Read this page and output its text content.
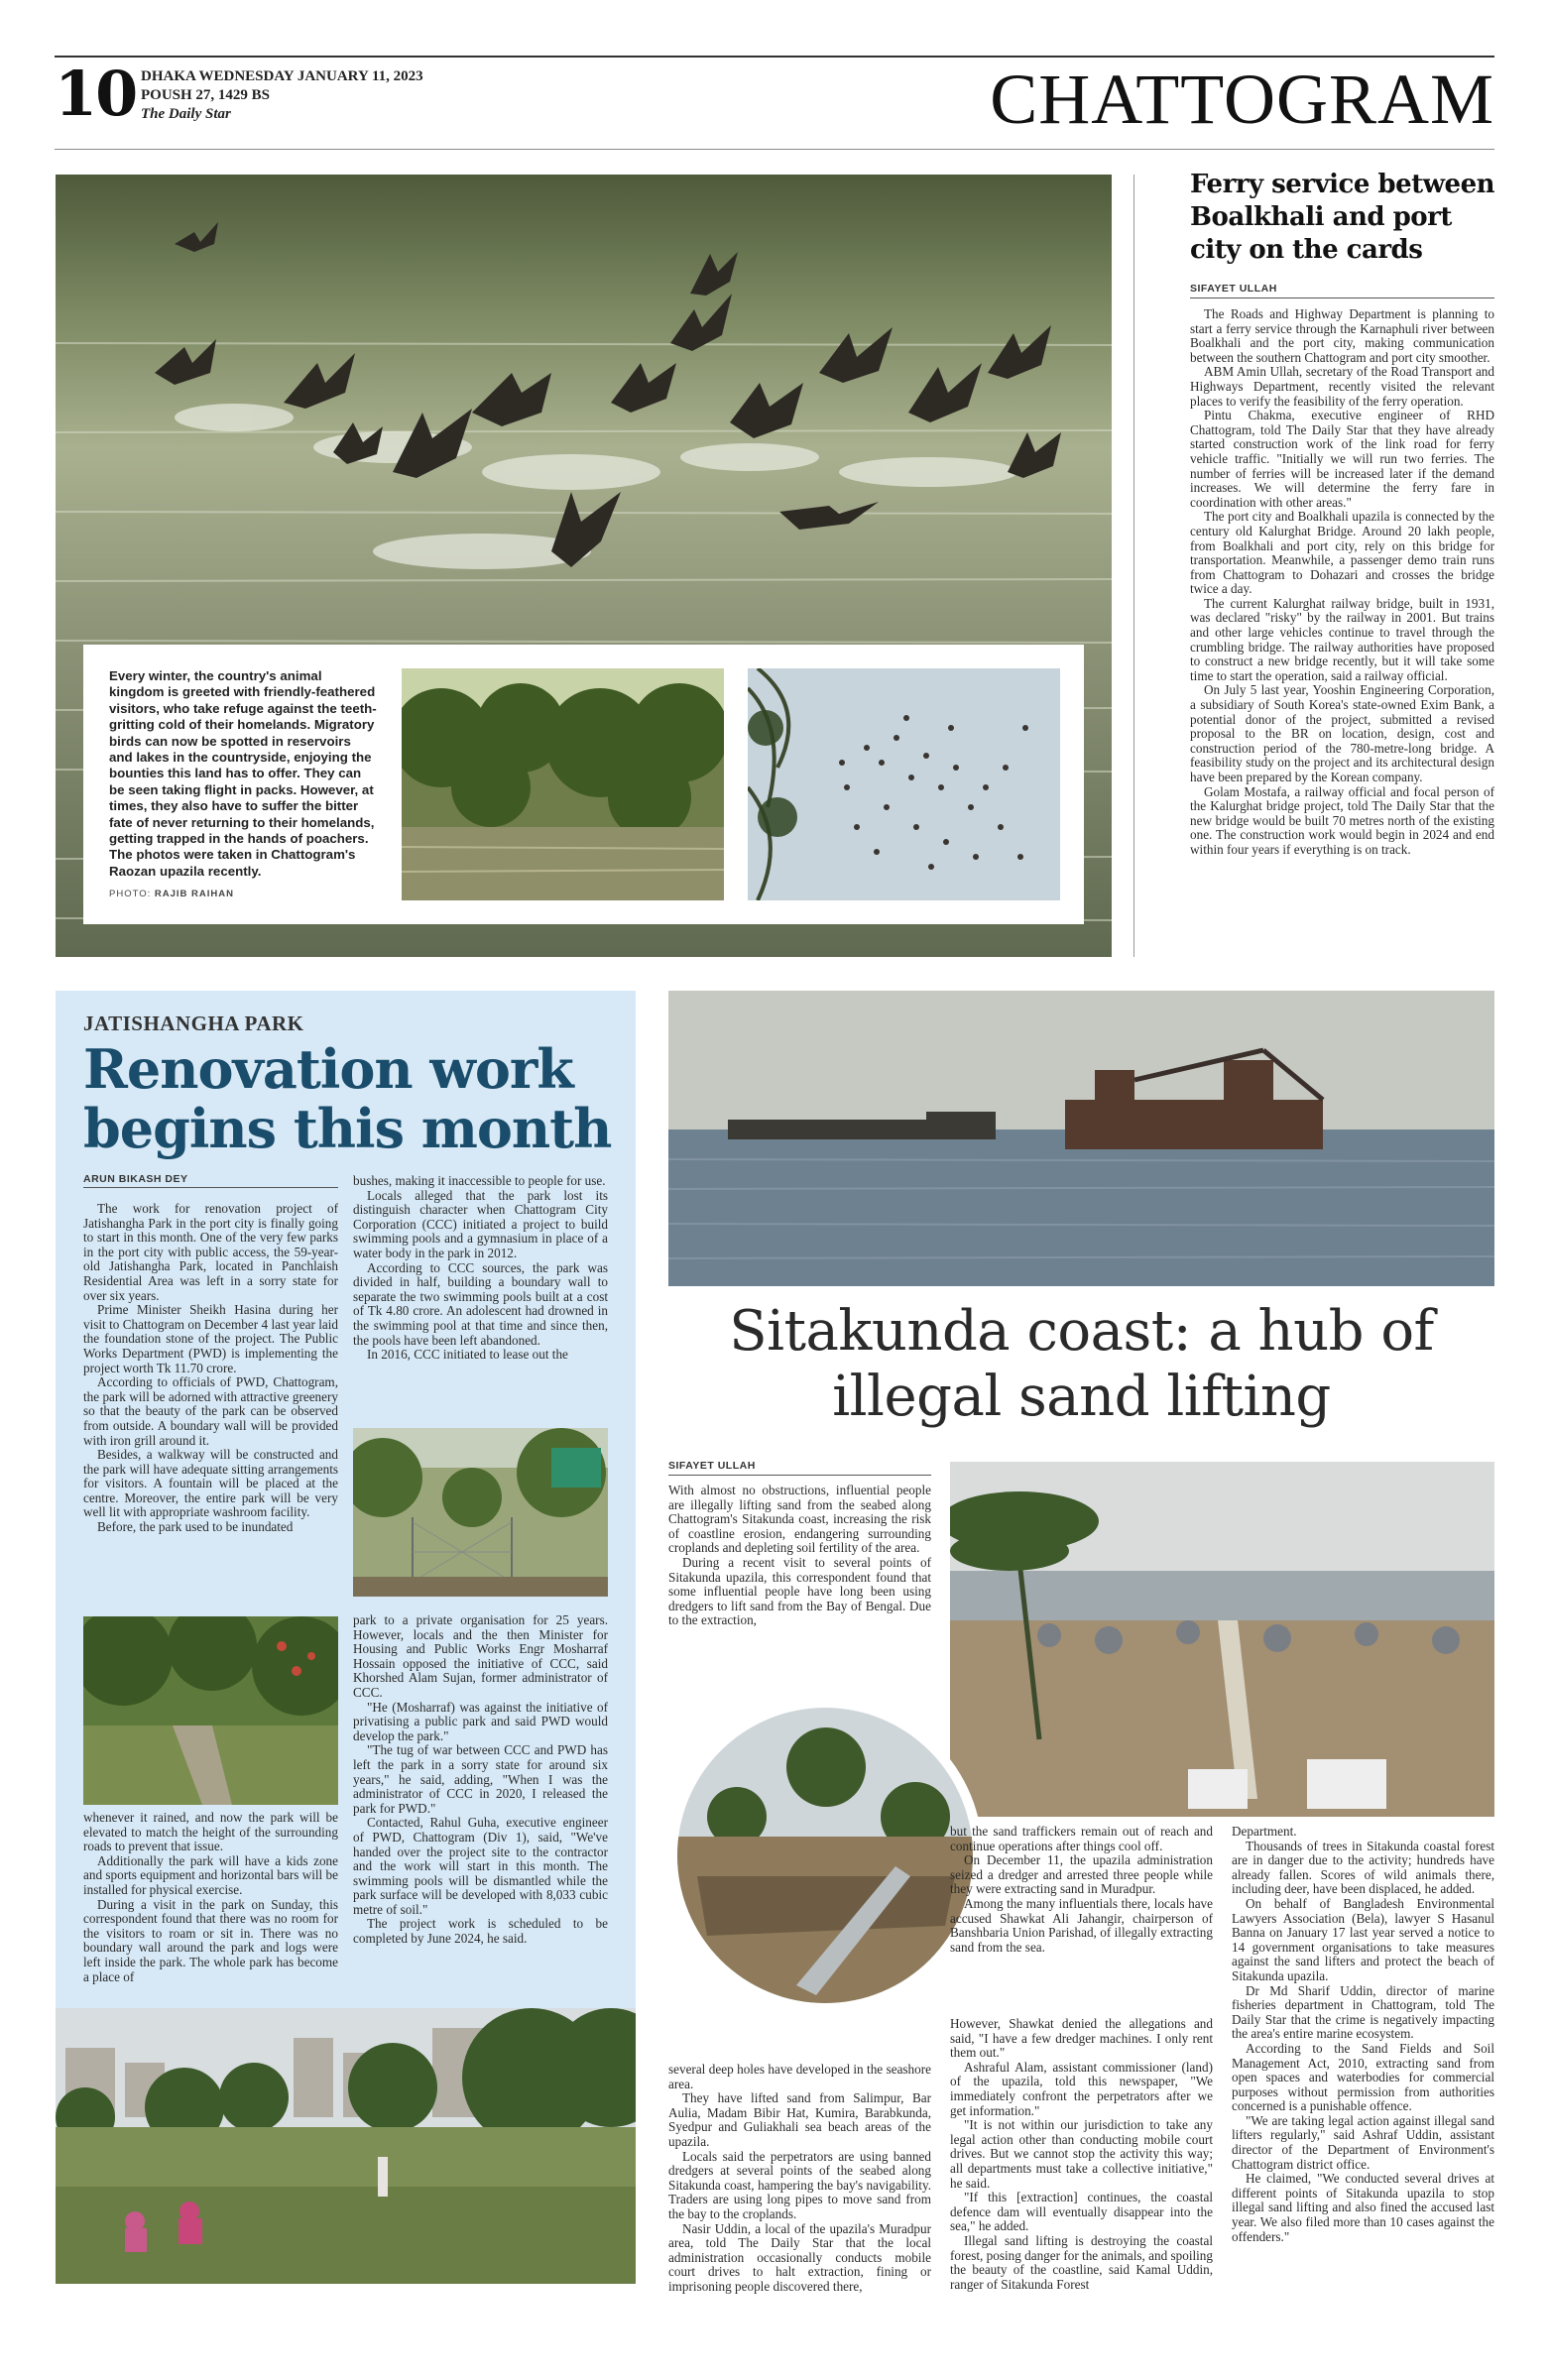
10 DHAKA WEDNESDAY JANUARY 11, 2023
POUSH 27, 1429 BS
The Daily Star	CHATTOGRAM
Every winter, the country's animal kingdom is greeted with friendly-feathered visitors, who take refuge against the teeth-gritting cold of their homelands. Migratory birds can now be spotted in reservoirs and lakes in the countryside, enjoying the bounties this land has to offer. They can be seen taking flight in packs. However, at times, they also have to suffer the bitter fate of never returning to their homelands, getting trapped in the hands of poachers. The photos were taken in Chattogram's Raozan upazila recently.
PHOTO: RAJIB RAIHAN
Ferry service between Boalkhali and port city on the cards
SIFAYET ULLAH

The Roads and Highway Department is planning to start a ferry service through the Karnaphuli river between Boalkhali and the port city, making communication between the southern Chattogram and port city smoother.

ABM Amin Ullah, secretary of the Road Transport and Highways Department, recently visited the relevant places to verify the feasibility of the ferry operation.

Pintu Chakma, executive engineer of RHD Chattogram, told The Daily Star that they have already started construction work of the link road for ferry vehicle traffic. "Initially we will run two ferries. The number of ferries will be increased later if the demand increases. We will determine the ferry fare in coordination with other areas."

The port city and Boalkhali upazila is connected by the century old Kalurghat Bridge. Around 20 lakh people, from Boalkhali and port city, rely on this bridge for transportation. Meanwhile, a passenger demo train runs from Chattogram to Dohazari and crosses the bridge twice a day.

The current Kalurghat railway bridge, built in 1931, was declared "risky" by the railway in 2001. But trains and other large vehicles continue to travel through the crumbling bridge. The railway authorities have proposed to construct a new bridge recently, but it will take some time to start the operation, said a railway official.

On July 5 last year, Yooshin Engineering Corporation, a subsidiary of South Korea's state-owned Exim Bank, a potential donor of the project, submitted a revised proposal to the BR on location, design, cost and construction period of the 780-metre-long bridge. A feasibility study on the project and its architectural design have been prepared by the Korean company.

Golam Mostafa, a railway official and focal person of the Kalurghat bridge project, told The Daily Star that the new bridge would be built 70 metres north of the existing one. The construction work would begin in 2024 and end within four years if everything is on track.

JATISHANGHA PARK
Renovation work
begins this month
ARUN BIKASH DEY

The work for renovation project of Jatishangha Park in the port city is finally going to start in this month. One of the very few parks in the port city with public access, the 59-year-old Jatishangha Park, located in Panchlaish Residential Area was left in a sorry state for over six years.

Prime Minister Sheikh Hasina during her visit to Chattogram on December 4 last year laid the foundation stone of the project. The Public Works Department (PWD) is implementing the project worth Tk 11.70 crore.

According to officials of PWD, Chattogram, the park will be adorned with attractive greenery so that the beauty of the park can be observed from outside. A boundary wall will be provided with iron grill around it.

Besides, a walkway will be constructed and the park will have adequate sitting arrangements for visitors. A fountain will be placed at the centre. Moreover, the entire park will be very well lit with appropriate washroom facility.

Before, the park used to be inundated

bushes, making it inaccessible to people for use.

Locals alleged that the park lost its distinguish character when Chattogram City Corporation (CCC) initiated a project to build swimming pools and a gymnasium in place of a water body in the park in 2012.

According to CCC sources, the park was divided in half, building a boundary wall to separate the two swimming pools built at a cost of Tk 4.80 crore. An adolescent had drowned in the swimming pool at that time and since then, the pools have been left abandoned.

In 2016, CCC initiated to lease out the

park to a private organisation for 25 years. However, locals and the then Minister for Housing and Public Works Engr Mosharraf Hossain opposed the initiative of CCC, said Khorshed Alam Sujan, former administrator of CCC.

"He (Mosharraf) was against the initiative of privatising a public park and said PWD would develop the park."

"The tug of war between CCC and PWD has left the park in a sorry state for around six years," he said, adding, "When I was the administrator of CCC in 2020, I released the park for PWD."

Contacted, Rahul Guha, executive engineer of PWD, Chattogram (Div 1), said, "We've handed over the project site to the contractor and the work will start in this month. The swimming pools will be dismantled while the park surface will be developed with 8,033 cubic metre of soil."

The project work is scheduled to be completed by June 2024, he said.

whenever it rained, and now the park will be elevated to match the height of the surrounding roads to prevent that issue.

Additionally the park will have a kids zone and sports equipment and horizontal bars will be installed for physical exercise.

During a visit in the park on Sunday, this correspondent found that there was no room for the visitors to roam or sit in. There was no boundary wall around the park and logs were left inside the park. The whole park has become a place of

Sitakunda coast: a hub of
illegal sand lifting
SIFAYET ULLAH

With almost no obstructions, influential people are illegally lifting sand from the seabed along Chattogram's Sitakunda coast, increasing the risk of coastline erosion, endangering surrounding croplands and depleting soil fertility of the area.

During a recent visit to several points of Sitakunda upazila, this correspondent found that some influential people have long been using dredgers to lift sand from the Bay of Bengal. Due to the extraction,

but the sand traffickers remain out of reach and continue operations after things cool off.

On December 11, the upazila administration seized a dredger and arrested three people while they were extracting sand in Muradpur.

Among the many influentials there, locals have accused Shawkat Ali Jahangir, chairperson of Banshbaria Union Parishad, of illegally extracting sand from the sea.

several deep holes have developed in the seashore area.

They have lifted sand from Salimpur, Bar Aulia, Madam Bibir Hat, Kumira, Barabkunda, Syedpur and Guliakhali sea beach areas of the upazila.

Locals said the perpetrators are using banned dredgers at several points of the seabed along Sitakunda coast, hampering the bay's navigability. Traders are using long pipes to move sand from the bay to the croplands.

Nasir Uddin, a local of the upazila's Muradpur area, told The Daily Star that the local administration occasionally conducts mobile court drives to halt extraction, fining or imprisoning people discovered there,

However, Shawkat denied the allegations and said, "I have a few dredger machines. I only rent them out."

Ashraful Alam, assistant commissioner (land) of the upazila, told this newspaper, "We immediately confront the perpetrators after we get information."

"It is not within our jurisdiction to take any legal action other than conducting mobile court drives. But we cannot stop the activity this way; all departments must take a collective initiative," he said.

"If this [extraction] continues, the coastal defence dam will eventually disappear into the sea," he added.

Illegal sand lifting is destroying the coastal forest, posing danger for the animals, and spoiling the beauty of the coastline, said Kamal Uddin, ranger of Sitakunda Forest

Department.

Thousands of trees in Sitakunda coastal forest are in danger due to the activity; hundreds have already fallen. Scores of wild animals there, including deer, have been displaced, he added.

On behalf of Bangladesh Environmental Lawyers Association (Bela), lawyer S Hasanul Banna on January 17 last year served a notice to 14 government organisations to take measures against the sand lifters and protect the beach of Sitakunda upazila.

Dr Md Sharif Uddin, director of marine fisheries department in Chattogram, told The Daily Star that the crime is negatively impacting the area's entire marine ecosystem.

According to the Sand Fields and Soil Management Act, 2010, extracting sand from open spaces and waterbodies for commercial purposes without permission from authorities concerned is a punishable offence.

"We are taking legal action against illegal sand lifters regularly," said Ashraf Uddin, assistant director of the Department of Environment's Chattogram district office.

He claimed, "We conducted several drives at different points of Sitakunda upazila to stop illegal sand lifting and also fined the accused last year. We also filed more than 10 cases against the offenders."
